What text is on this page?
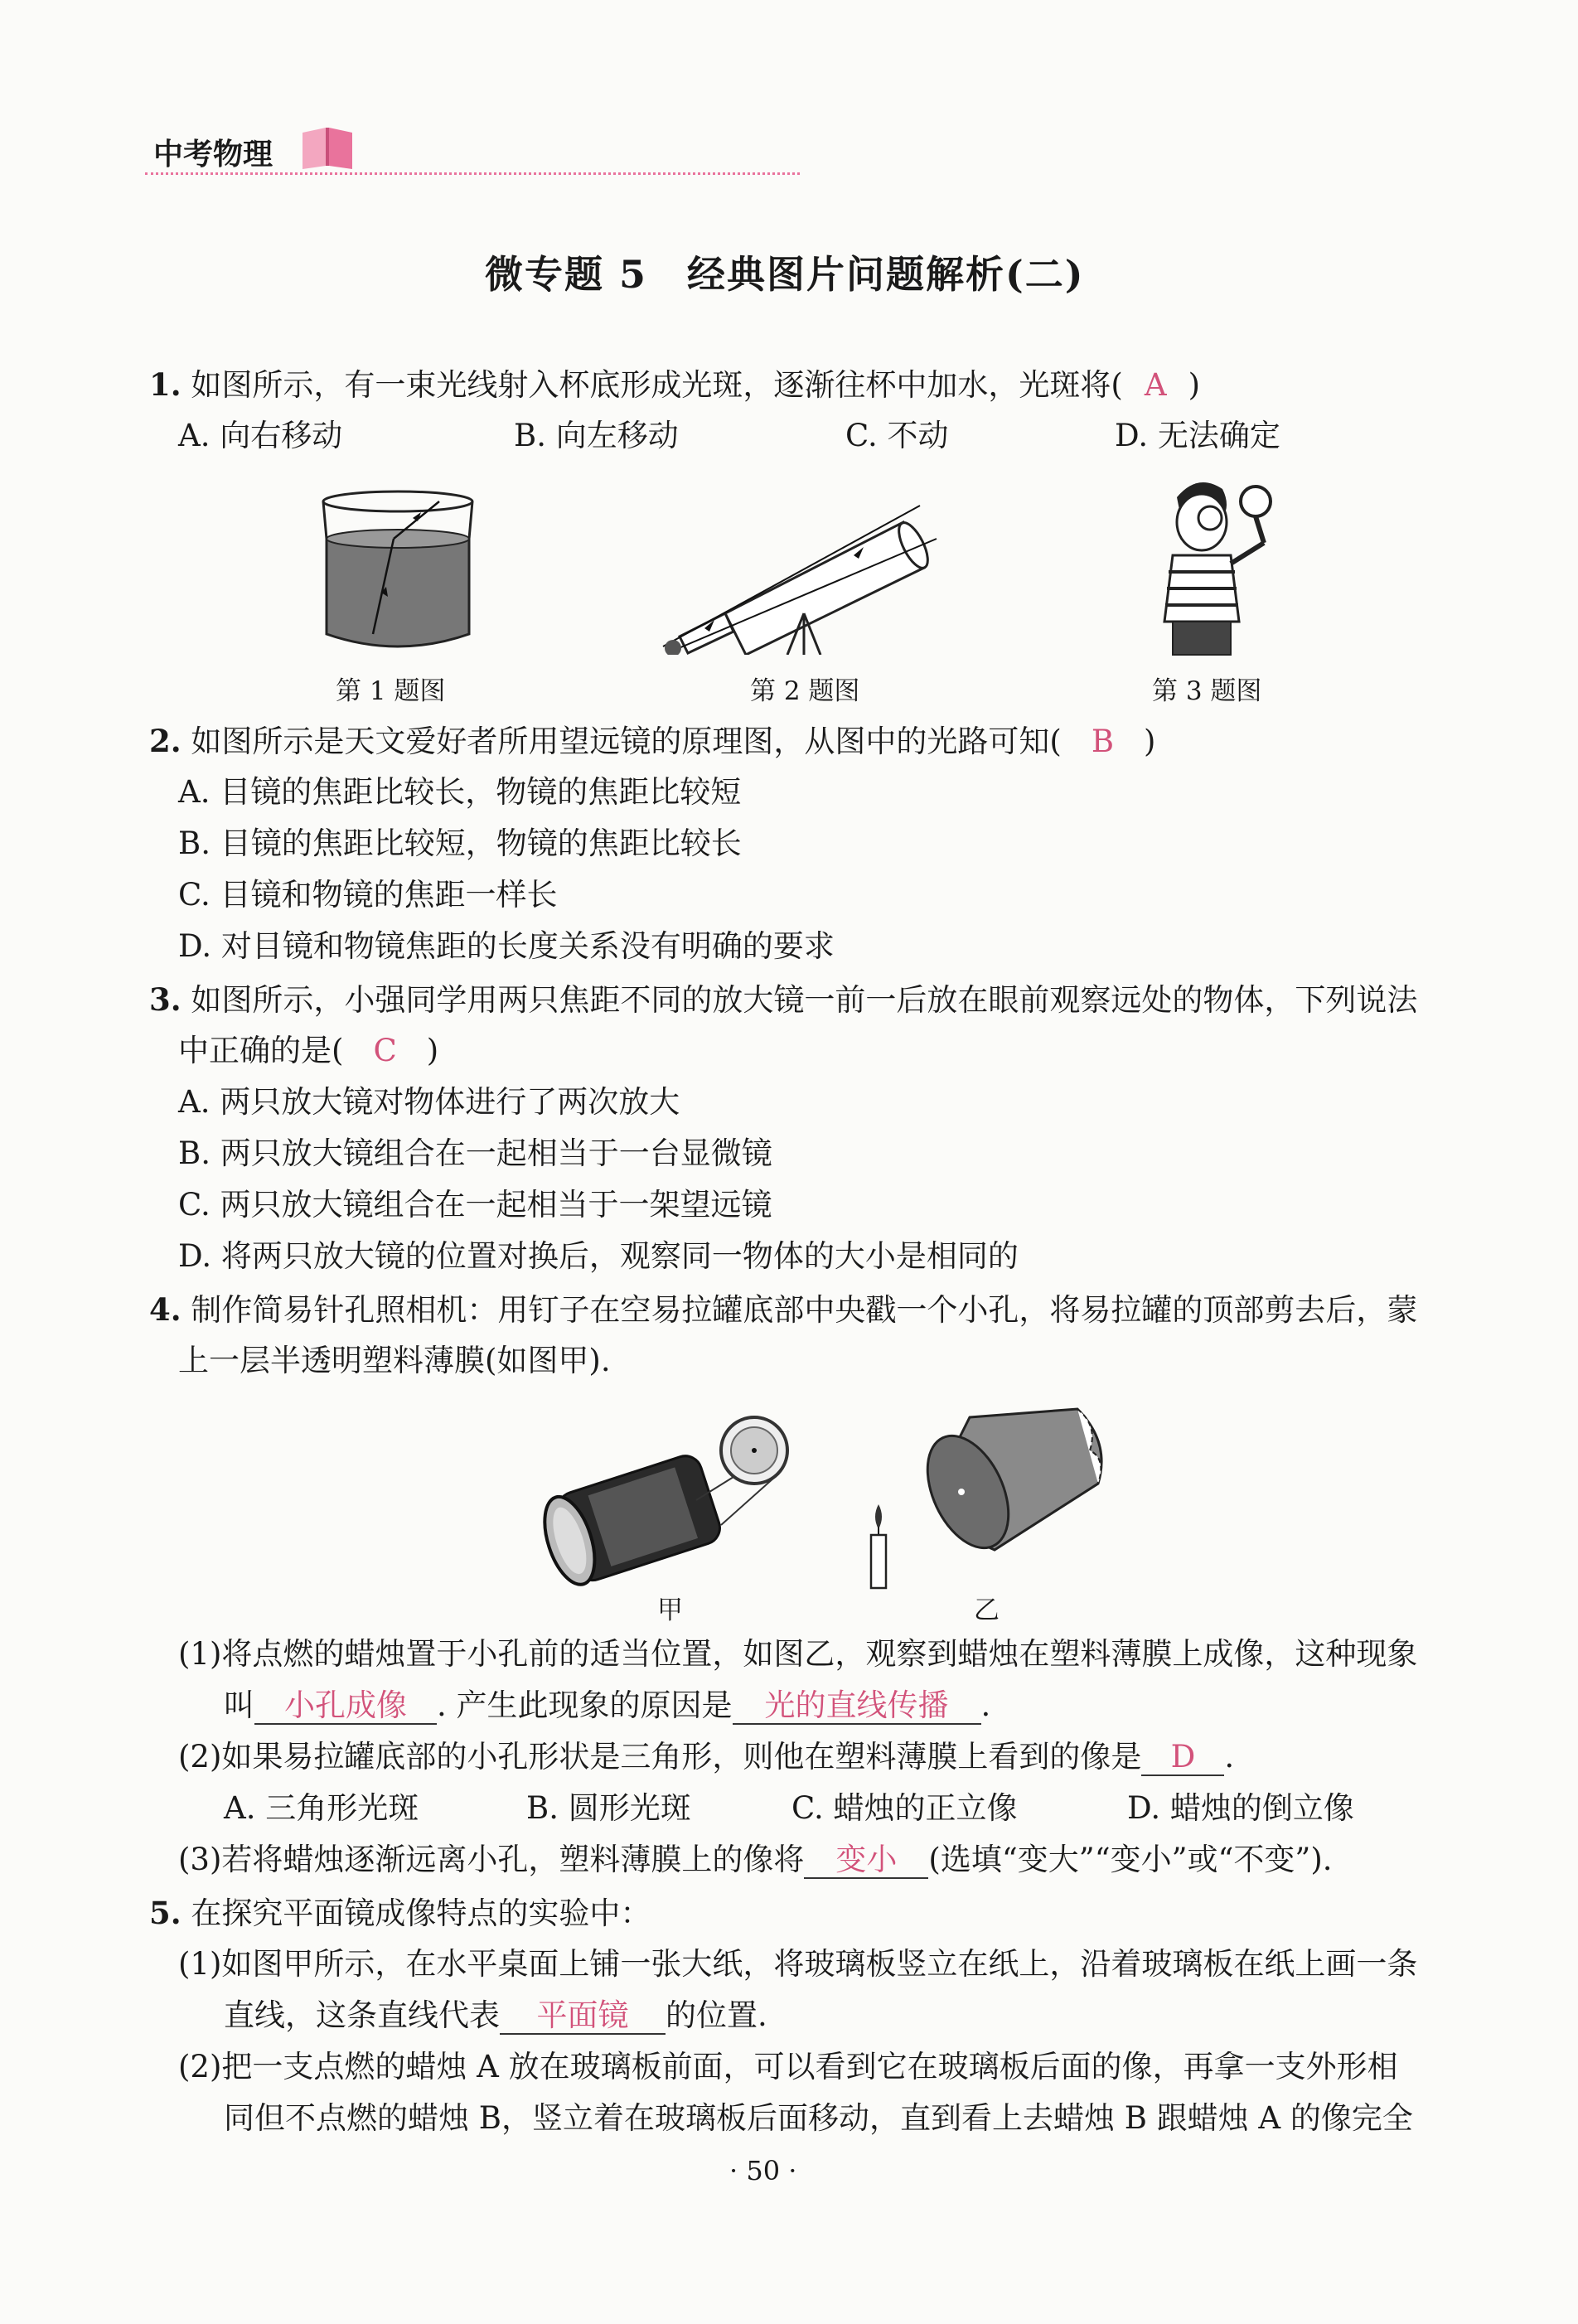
中考物理
微专题 5　经典图片问题解析(二)
1. 如图所示，有一束光线射入杯底形成光斑，逐渐往杯中加水，光斑将( A )
A. 向右移动	B. 向左移动	C. 不动	D. 无法确定
第 1 题图	第 2 题图	第 3 题图
2. 如图所示是天文爱好者所用望远镜的原理图，从图中的光路可知( B )
A. 目镜的焦距比较长，物镜的焦距比较短
B. 目镜的焦距比较短，物镜的焦距比较长
C. 目镜和物镜的焦距一样长
D. 对目镜和物镜焦距的长度关系没有明确的要求
3. 如图所示，小强同学用两只焦距不同的放大镜一前一后放在眼前观察远处的物体，下列说法
中正确的是( C )
A. 两只放大镜对物体进行了两次放大
B. 两只放大镜组合在一起相当于一台显微镜
C. 两只放大镜组合在一起相当于一架望远镜
D. 将两只放大镜的位置对换后，观察同一物体的大小是相同的
4. 制作简易针孔照相机：用钉子在空易拉罐底部中央戳一个小孔，将易拉罐的顶部剪去后，蒙
上一层半透明塑料薄膜(如图甲).
甲	乙
(1)将点燃的蜡烛置于小孔前的适当位置，如图乙，观察到蜡烛在塑料薄膜上成像，这种现象
叫 小孔成像 . 产生此现象的原因是 光的直线传播 .
(2)如果易拉罐底部的小孔形状是三角形，则他在塑料薄膜上看到的像是 D .
A. 三角形光斑	B. 圆形光斑	C. 蜡烛的正立像	D. 蜡烛的倒立像
(3)若将蜡烛逐渐远离小孔，塑料薄膜上的像将 变小 (选填“变大”“变小”或“不变”).
5. 在探究平面镜成像特点的实验中：
(1)如图甲所示，在水平桌面上铺一张大纸，将玻璃板竖立在纸上，沿着玻璃板在纸上画一条
直线，这条直线代表 平面镜 的位置.
(2)把一支点燃的蜡烛 A 放在玻璃板前面，可以看到它在玻璃板后面的像，再拿一支外形相
同但不点燃的蜡烛 B，竖立着在玻璃板后面移动，直到看上去蜡烛 B 跟蜡烛 A 的像完全
· 50 ·
